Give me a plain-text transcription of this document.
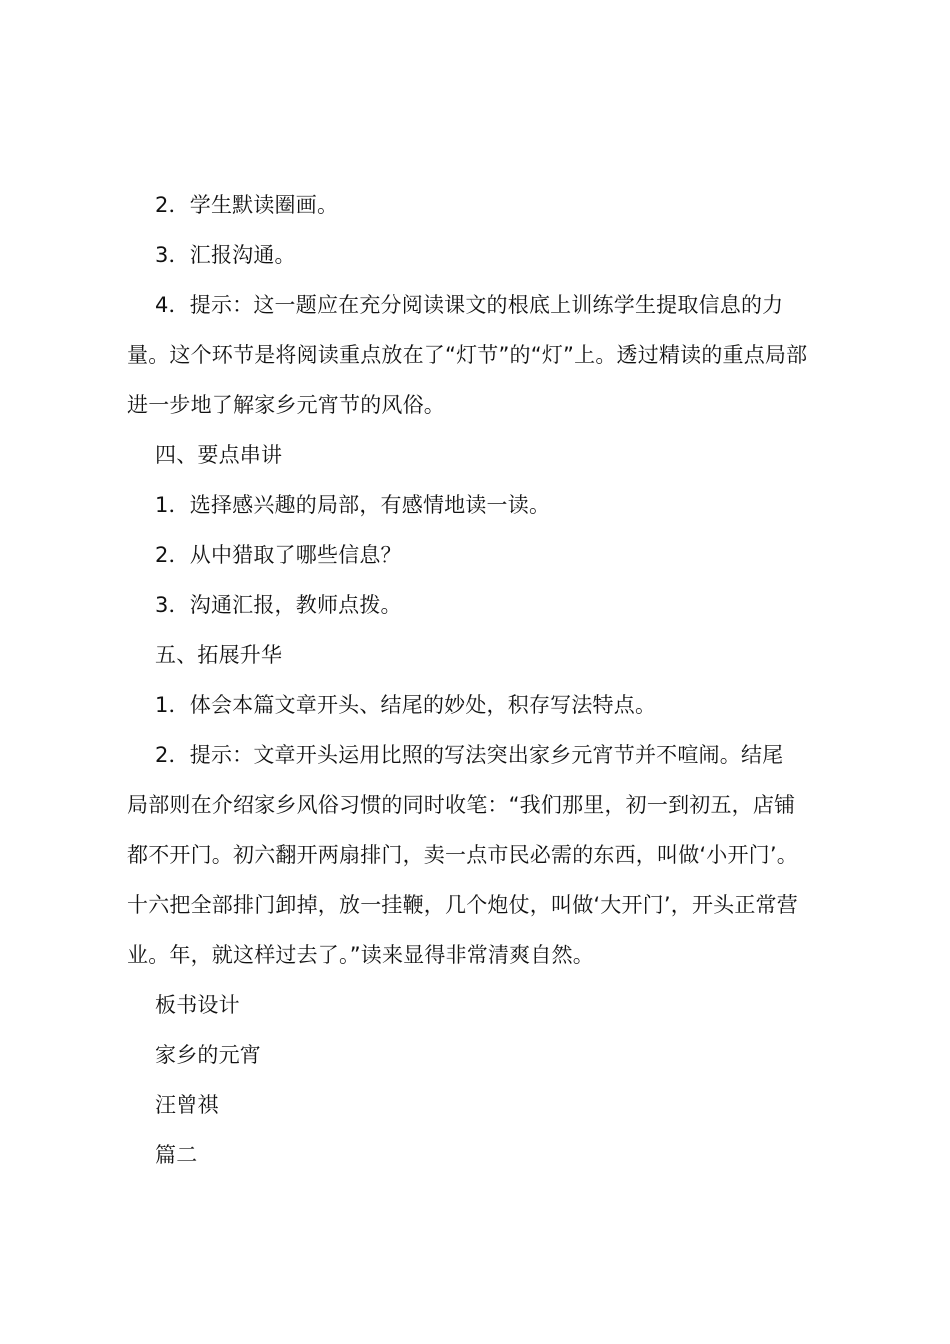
2．学生默读圈画。
3．汇报沟通。
4．提示：这一题应在充分阅读课文的根底上训练学生提取信息的力
量。这个环节是将阅读重点放在了“灯节”的“灯”上。透过精读的重点局部
进一步地了解家乡元宵节的风俗。
四、要点串讲
1．选择感兴趣的局部，有感情地读一读。
2．从中猎取了哪些信息？
3．沟通汇报，教师点拨。
五、拓展升华
1．体会本篇文章开头、结尾的妙处，积存写法特点。
2．提示：文章开头运用比照的写法突出家乡元宵节并不喧闹。结尾
局部则在介绍家乡风俗习惯的同时收笔：“我们那里，初一到初五，店铺
都不开门。初六翻开两扇排门，卖一点市民必需的东西，叫做‘小开门’。
十六把全部排门卸掉，放一挂鞭，几个炮仗，叫做‘大开门’，开头正常营
业。年，就这样过去了。”读来显得非常清爽自然。
板书设计
家乡的元宵
汪曾祺
篇二
